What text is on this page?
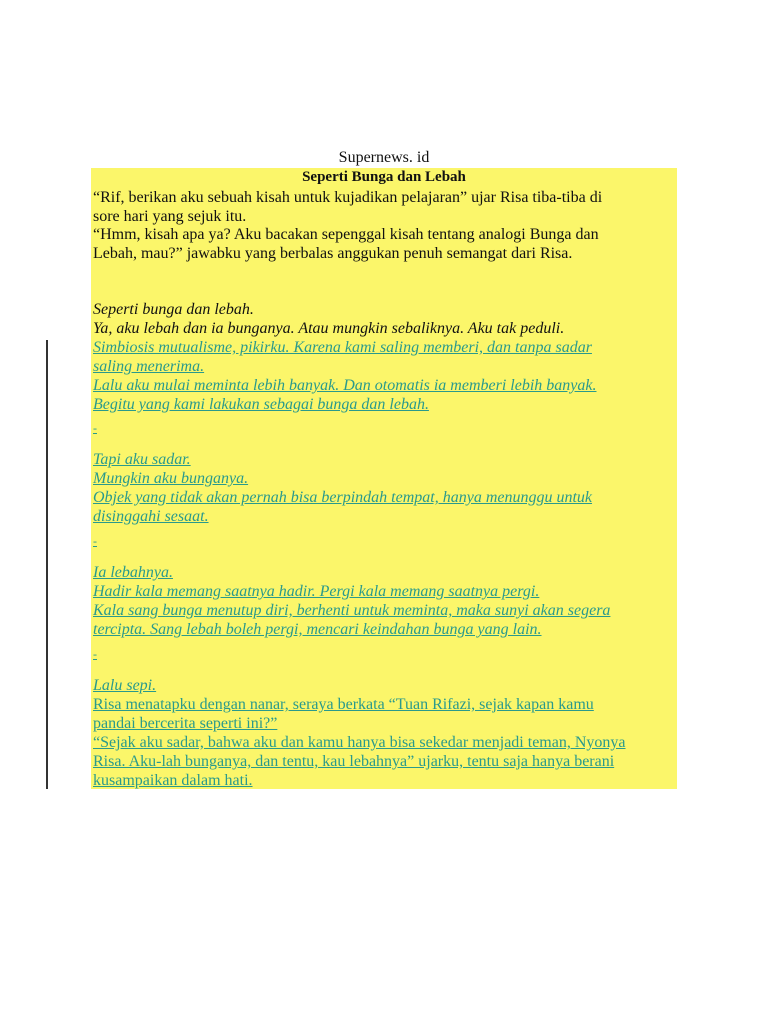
Supernews. id
Seperti Bunga dan Lebah
“Rif, berikan aku sebuah kisah untuk kujadikan pelajaran” ujar Risa tiba-tiba di
sore hari yang sejuk itu.
“Hmm, kisah apa ya? Aku bacakan sepenggal kisah tentang analogi Bunga dan
Lebah, mau?” jawabku yang berbalas anggukan penuh semangat dari Risa.
Seperti bunga dan lebah.
Ya, aku lebah dan ia bunganya. Atau mungkin sebaliknya. Aku tak peduli.
Simbiosis mutualisme, pikirku. Karena kami saling memberi, dan tanpa sadar
saling menerima.
Lalu aku mulai meminta lebih banyak. Dan otomatis ia memberi lebih banyak.
Begitu yang kami lakukan sebagai bunga dan lebah.
-
Tapi aku sadar.
Mungkin aku bunganya.
Objek yang tidak akan pernah bisa berpindah tempat, hanya menunggu untuk
disinggahi sesaat.
-
Ia lebahnya.
Hadir kala memang saatnya hadir. Pergi kala memang saatnya pergi.
Kala sang bunga menutup diri, berhenti untuk meminta, maka sunyi akan segera
tercipta. Sang lebah boleh pergi, mencari keindahan bunga yang lain.
-
Lalu sepi.
Risa menatapku dengan nanar, seraya berkata “Tuan Rifazi, sejak kapan kamu
pandai bercerita seperti ini?”
“Sejak aku sadar, bahwa aku dan kamu hanya bisa sekedar menjadi teman, Nyonya
Risa. Aku-lah bunganya, dan tentu, kau lebahnya” ujarku, tentu saja hanya berani
kusampaikan dalam hati.
